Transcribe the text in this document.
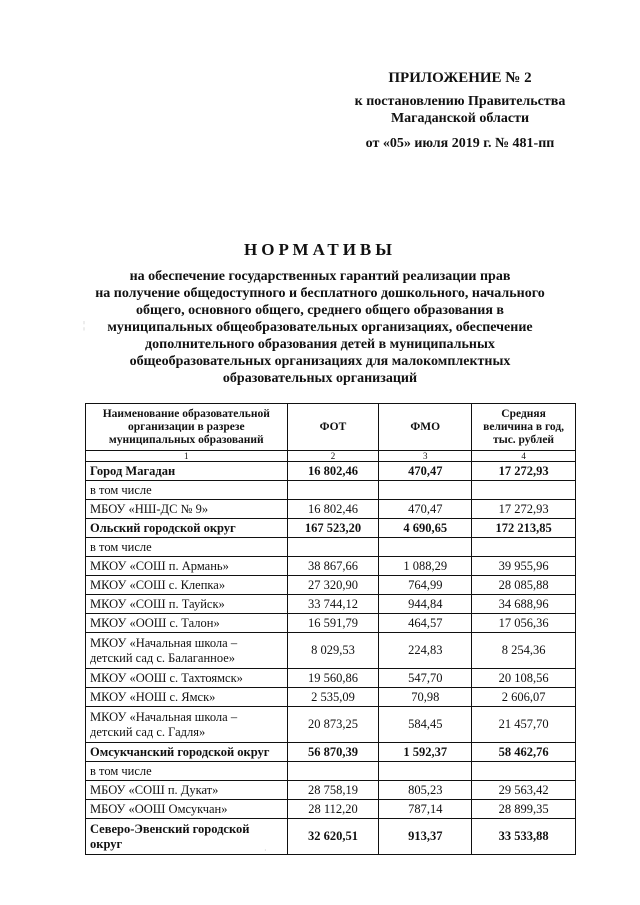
ПРИЛОЖЕНИЕ № 2
к постановлению Правительства
Магаданской области
от «05» июля 2019 г. № 481-пп
¦
НОРМАТИВЫ
на обеспечение государственных гарантий реализации прав
на получение общедоступного и бесплатного дошкольного, начального
общего, основного общего, среднего общего образования в
муниципальных общеобразовательных организациях, обеспечение
дополнительного образования детей в муниципальных
общеобразовательных организациях для малокомплектных
образовательных организаций
Наименование образовательной организации в разрезе муниципальных образований	ФОТ	ФМО	Средняя величина в год, тыс. рублей
1	2	3	4
Город Магадан	16 802,46	470,47	17 272,93
в том числе			
МБОУ «НШ-ДС № 9»	16 802,46	470,47	17 272,93
Ольский городской округ	167 523,20	4 690,65	172 213,85
в том числе			
МКОУ «СОШ п. Армань»	38 867,66	1 088,29	39 955,96
МКОУ «СОШ с. Клепка»	27 320,90	764,99	28 085,88
МКОУ «СОШ п. Тауйск»	33 744,12	944,84	34 688,96
МКОУ «ООШ с. Талон»	16 591,79	464,57	17 056,36
МКОУ «Начальная школа – детский сад с. Балаганное»	8 029,53	224,83	8 254,36
МКОУ «ООШ с. Тахтоямск»	19 560,86	547,70	20 108,56
МКОУ «НОШ с. Ямск»	2 535,09	70,98	2 606,07
МКОУ «Начальная школа – детский сад с. Гадля»	20 873,25	584,45	21 457,70
Омсукчанский городской округ	56 870,39	1 592,37	58 462,76
в том числе			
МБОУ «СОШ п. Дукат»	28 758,19	805,23	29 563,42
МБОУ «ООШ Омсукчан»	28 112,20	787,14	28 899,35
Северо-Эвенский городской округ	32 620,51	913,37	33 533,88
·
